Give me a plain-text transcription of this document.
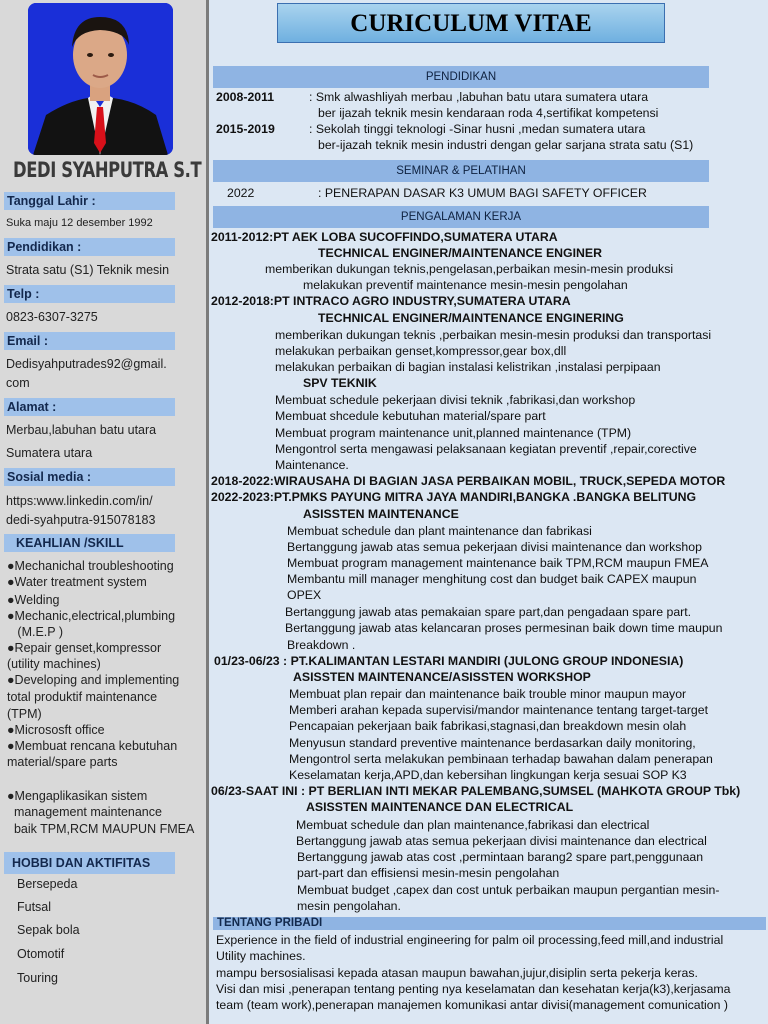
DEDI SYAHPUTRA S.T
Tanggal Lahir :
Suka maju 12 desember 1992
Pendidikan :
Strata satu (S1) Teknik mesin
Telp :
0823-6307-3275
Email :
Dedisyahputrades92@gmail.
com
Alamat :
Merbau,labuhan batu utara
Sumatera utara
Sosial media :
https:www.linkedin.com/in/
dedi-syahputra-915078183
KEAHLIAN /SKILL
●Mechanichal troubleshooting
●Water treatment system
●Welding
●Mechanic,electrical,plumbing
(M.E.P )
●Repair genset,kompressor
(utility machines)
●Developing and implementing
total produktif maintenance
(TPM)
●Micrososft office
●Membuat rencana kebutuhan
material/spare parts
●Mengaplikasikan sistem
management maintenance
baik TPM,RCM MAUPUN FMEA
HOBBI DAN AKTIFITAS
Bersepeda
Futsal
Sepak bola
Otomotif
Touring
CURICULUM VITAE
PENDIDIKAN
2008-2011	: Smk alwashliyah merbau ,labuhan batu utara sumatera utara
ber ijazah teknik mesin kendaraan roda 4,sertifikat kompetensi
2015-2019	: Sekolah tinggi teknologi -Sinar husni ,medan sumatera utara
ber-ijazah teknik mesin industri dengan gelar sarjana strata satu (S1)
SEMINAR & PELATIHAN
2022	: PENERAPAN DASAR K3 UMUM BAGI SAFETY OFFICER
PENGALAMAN KERJA
2011-2012:PT AEK LOBA SUCOFFINDO,SUMATERA UTARA
TECHNICAL ENGINER/MAINTENANCE ENGINER
memberikan dukungan teknis,pengelasan,perbaikan mesin-mesin produksi
melakukan preventif maintenance mesin-mesin pengolahan
2012-2018:PT INTRACO AGRO INDUSTRY,SUMATERA UTARA
TECHNICAL ENGINER/MAINTENANCE ENGINERING
memberikan dukungan teknis ,perbaikan mesin-mesin produksi dan transportasi
melakukan perbaikan genset,kompressor,gear box,dll
melakukan perbaikan di bagian instalasi kelistrikan ,instalasi perpipaan
SPV TEKNIK
Membuat schedule pekerjaan divisi teknik ,fabrikasi,dan workshop
Membuat shcedule kebutuhan material/spare part
Membuat program maintenance unit,planned maintenance (TPM)
Mengontrol serta mengawasi pelaksanaan kegiatan preventif ,repair,corective
Maintenance.
2018-2022:WIRAUSAHA DI BAGIAN JASA PERBAIKAN MOBIL, TRUCK,SEPEDA MOTOR
2022-2023:PT.PMKS PAYUNG MITRA JAYA MANDIRI,BANGKA .BANGKA BELITUNG
ASISSTEN MAINTENANCE
Membuat schedule dan plant maintenance dan fabrikasi
Bertanggung jawab atas semua pekerjaan divisi maintenance dan workshop
Membuat program management maintenance baik TPM,RCM maupun FMEA
Membantu mill manager menghitung cost dan budget baik CAPEX maupun
OPEX
Bertanggung jawab atas pemakaian spare part,dan pengadaan spare part.
Bertanggung jawab atas kelancaran proses permesinan baik down time maupun
Breakdown .
01/23-06/23 : PT.KALIMANTAN LESTARI MANDIRI (JULONG GROUP INDONESIA)
ASISSTEN MAINTENANCE/ASISSTEN WORKSHOP
Membuat plan repair dan maintenance baik trouble minor maupun mayor
Memberi arahan kepada supervisi/mandor maintenance tentang target-target
Pencapaian pekerjaan baik fabrikasi,stagnasi,dan breakdown mesin olah
Menyusun standard preventive maintenance berdasarkan daily monitoring,
Mengontrol serta melakukan pembinaan terhadap bawahan dalam penerapan
Keselamatan kerja,APD,dan kebersihan lingkungan kerja sesuai SOP K3
06/23-SAAT INI : PT BERLIAN INTI MEKAR PALEMBANG,SUMSEL (MAHKOTA GROUP Tbk)
ASISSTEN MAINTENANCE DAN ELECTRICAL
Membuat schedule dan plan maintenance,fabrikasi dan electrical
Bertanggung jawab atas semua pekerjaan divisi maintenance dan electrical
Bertanggung jawab atas cost ,permintaan barang2 spare part,penggunaan
part-part dan effisiensi mesin-mesin pengolahan
Membuat budget ,capex dan cost untuk perbaikan maupun pergantian mesin-
mesin pengolahan.
TENTANG PRIBADI
Experience in the field of industrial engineering for palm oil processing,feed mill,and industrial
Utility machines.
mampu bersosialisasi kepada atasan maupun bawahan,jujur,disiplin serta pekerja keras.
Visi dan misi ,penerapan tentang penting nya keselamatan dan kesehatan kerja(k3),kerjasama
team (team work),penerapan manajemen komunikasi antar divisi(management comunication )
